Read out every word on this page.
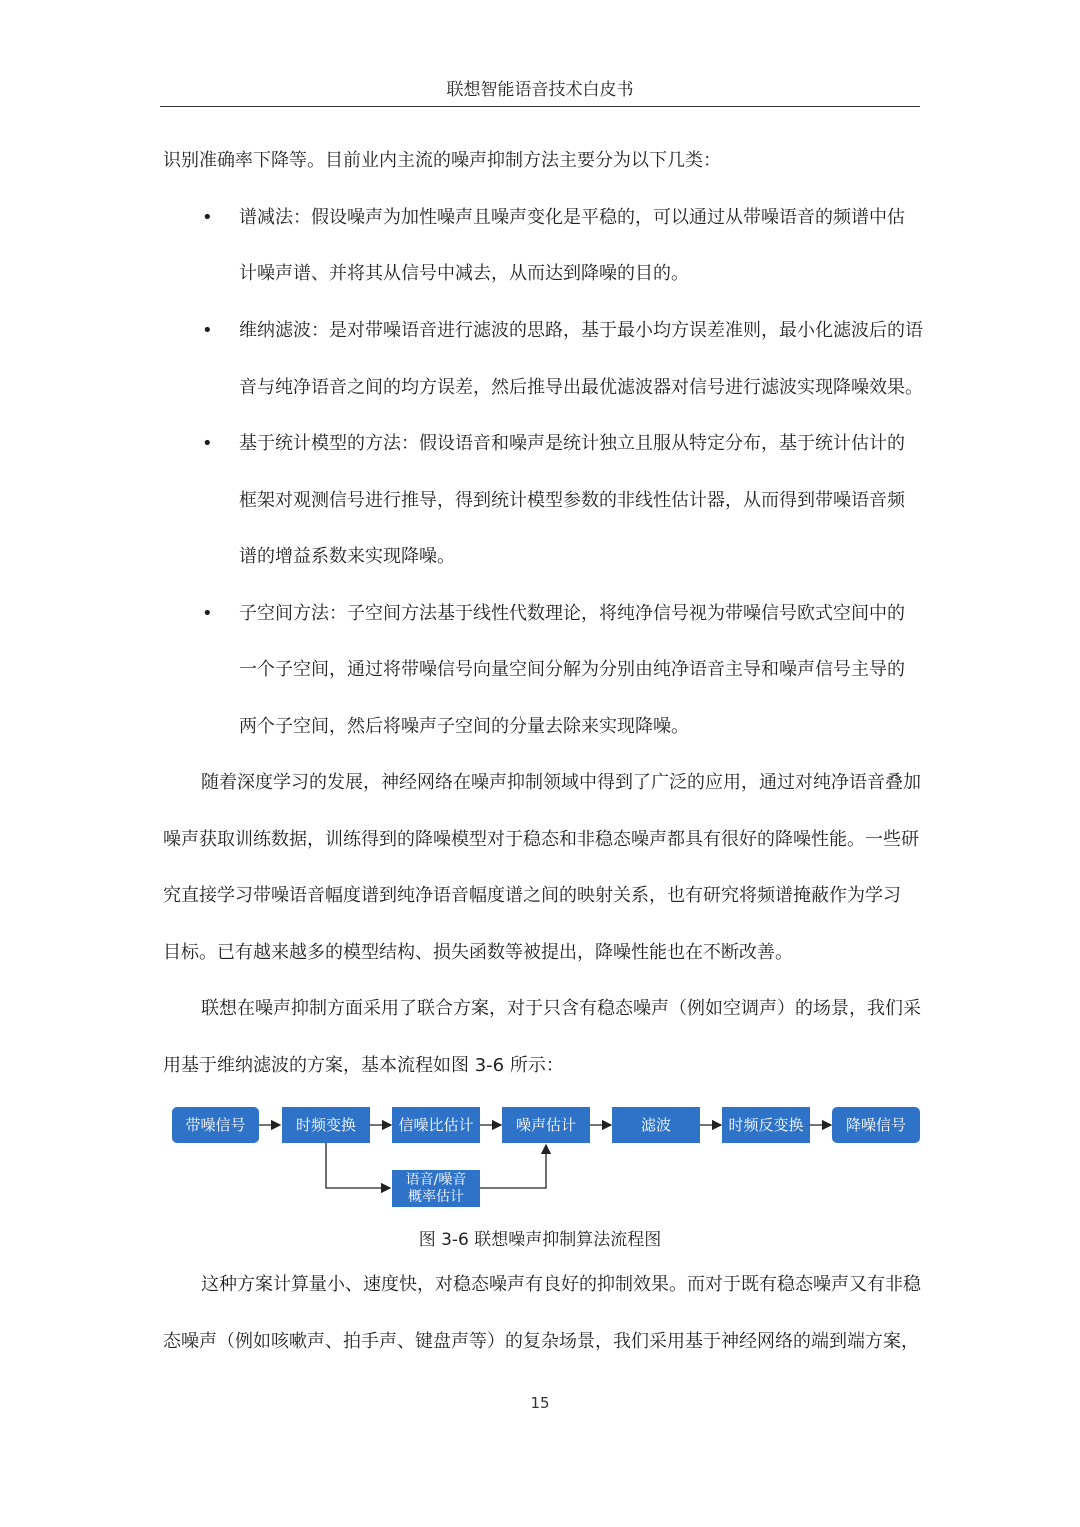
联想智能语音技术白皮书
识别准确率下降等。目前业内主流的噪声抑制方法主要分为以下几类：
• 谱减法：假设噪声为加性噪声且噪声变化是平稳的，可以通过从带噪语音的频谱中估
计噪声谱、并将其从信号中减去，从而达到降噪的目的。
• 维纳滤波：是对带噪语音进行滤波的思路，基于最小均方误差准则，最小化滤波后的语
音与纯净语音之间的均方误差，然后推导出最优滤波器对信号进行滤波实现降噪效果。
• 基于统计模型的方法：假设语音和噪声是统计独立且服从特定分布，基于统计估计的
框架对观测信号进行推导，得到统计模型参数的非线性估计器，从而得到带噪语音频
谱的增益系数来实现降噪。
• 子空间方法：子空间方法基于线性代数理论，将纯净信号视为带噪信号欧式空间中的
一个子空间，通过将带噪信号向量空间分解为分别由纯净语音主导和噪声信号主导的
两个子空间，然后将噪声子空间的分量去除来实现降噪。
随着深度学习的发展，神经网络在噪声抑制领域中得到了广泛的应用，通过对纯净语音叠加
噪声获取训练数据，训练得到的降噪模型对于稳态和非稳态噪声都具有很好的降噪性能。一些研
究直接学习带噪语音幅度谱到纯净语音幅度谱之间的映射关系，也有研究将频谱掩蔽作为学习
目标。已有越来越多的模型结构、损失函数等被提出，降噪性能也在不断改善。
联想在噪声抑制方面采用了联合方案，对于只含有稳态噪声（例如空调声）的场景，我们采
用基于维纳滤波的方案，基本流程如图 3-6 所示：
带噪信号	时频变换	信噪比估计	噪声估计	滤波	时频反变换	降噪信号
语音/噪音
概率估计
图 3-6 联想噪声抑制算法流程图
这种方案计算量小、速度快，对稳态噪声有良好的抑制效果。而对于既有稳态噪声又有非稳
态噪声（例如咳嗽声、拍手声、键盘声等）的复杂场景，我们采用基于神经网络的端到端方案，
15
